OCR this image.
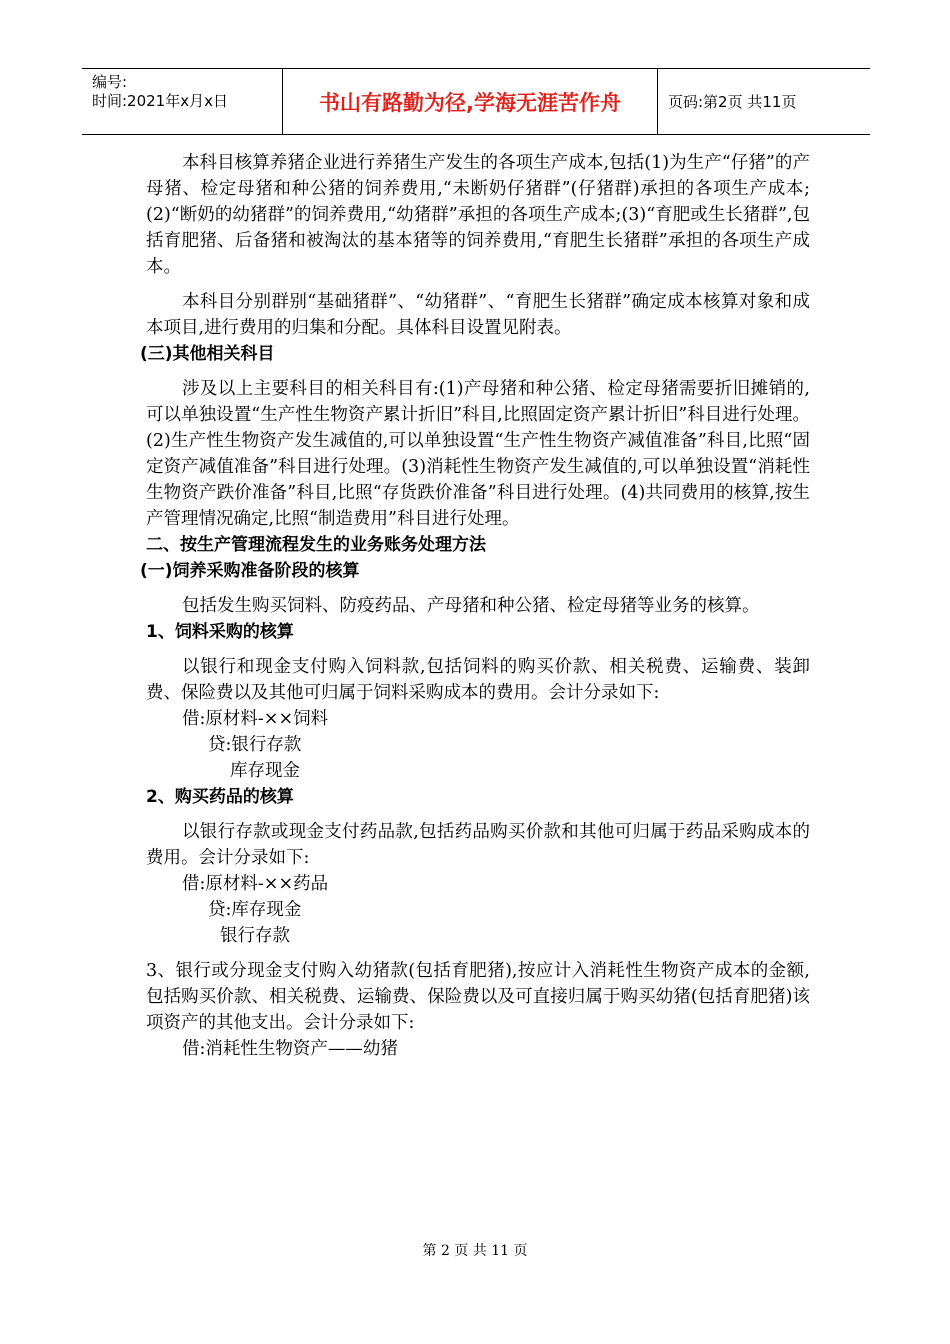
编号:
时间:2021年x月x日	书山有路勤为径,学海无涯苦作舟	页码:第2页 共11页

本科目核算养猪企业进行养猪生产发生的各项生产成本,包括(1)为生产“仔猪”的产母猪、检定母猪和种公猪的饲养费用,“未断奶仔猪群”(仔猪群)承担的各项生产成本;(2)“断奶的幼猪群”的饲养费用,“幼猪群”承担的各项生产成本;(3)“育肥或生长猪群”,包括育肥猪、后备猪和被淘汰的基本猪等的饲养费用,“育肥生长猪群”承担的各项生产成本。

本科目分别群别“基础猪群”、“幼猪群”、“育肥生长猪群”确定成本核算对象和成本项目,进行费用的归集和分配。具体科目设置见附表。

(三)其他相关科目

涉及以上主要科目的相关科目有:(1)产母猪和种公猪、检定母猪需要折旧摊销的,可以单独设置“生产性生物资产累计折旧”科目,比照固定资产累计折旧”科目进行处理。(2)生产性生物资产发生减值的,可以单独设置“生产性生物资产减值准备”科目,比照“固定资产减值准备”科目进行处理。(3)消耗性生物资产发生减值的,可以单独设置“消耗性生物资产跌价准备”科目,比照“存货跌价准备”科目进行处理。(4)共同费用的核算,按生产管理情况确定,比照“制造费用”科目进行处理。

二、按生产管理流程发生的业务账务处理方法

(一)饲养采购准备阶段的核算

包括发生购买饲料、防疫药品、产母猪和种公猪、检定母猪等业务的核算。

1、饲料采购的核算

以银行和现金支付购入饲料款,包括饲料的购买价款、相关税费、运输费、装卸费、保险费以及其他可归属于饲料采购成本的费用。会计分录如下:

借:原材料-××饲料

贷:银行存款

库存现金

2、购买药品的核算

以银行存款或现金支付药品款,包括药品购买价款和其他可归属于药品采购成本的费用。会计分录如下:

借:原材料-××药品

贷:库存现金

银行存款

3、银行或分现金支付购入幼猪款(包括育肥猪),按应计入消耗性生物资产成本的金额,包括购买价款、相关税费、运输费、保险费以及可直接归属于购买幼猪(包括育肥猪)该项资产的其他支出。会计分录如下:

借:消耗性生物资产——幼猪

第 2 页 共 11 页
